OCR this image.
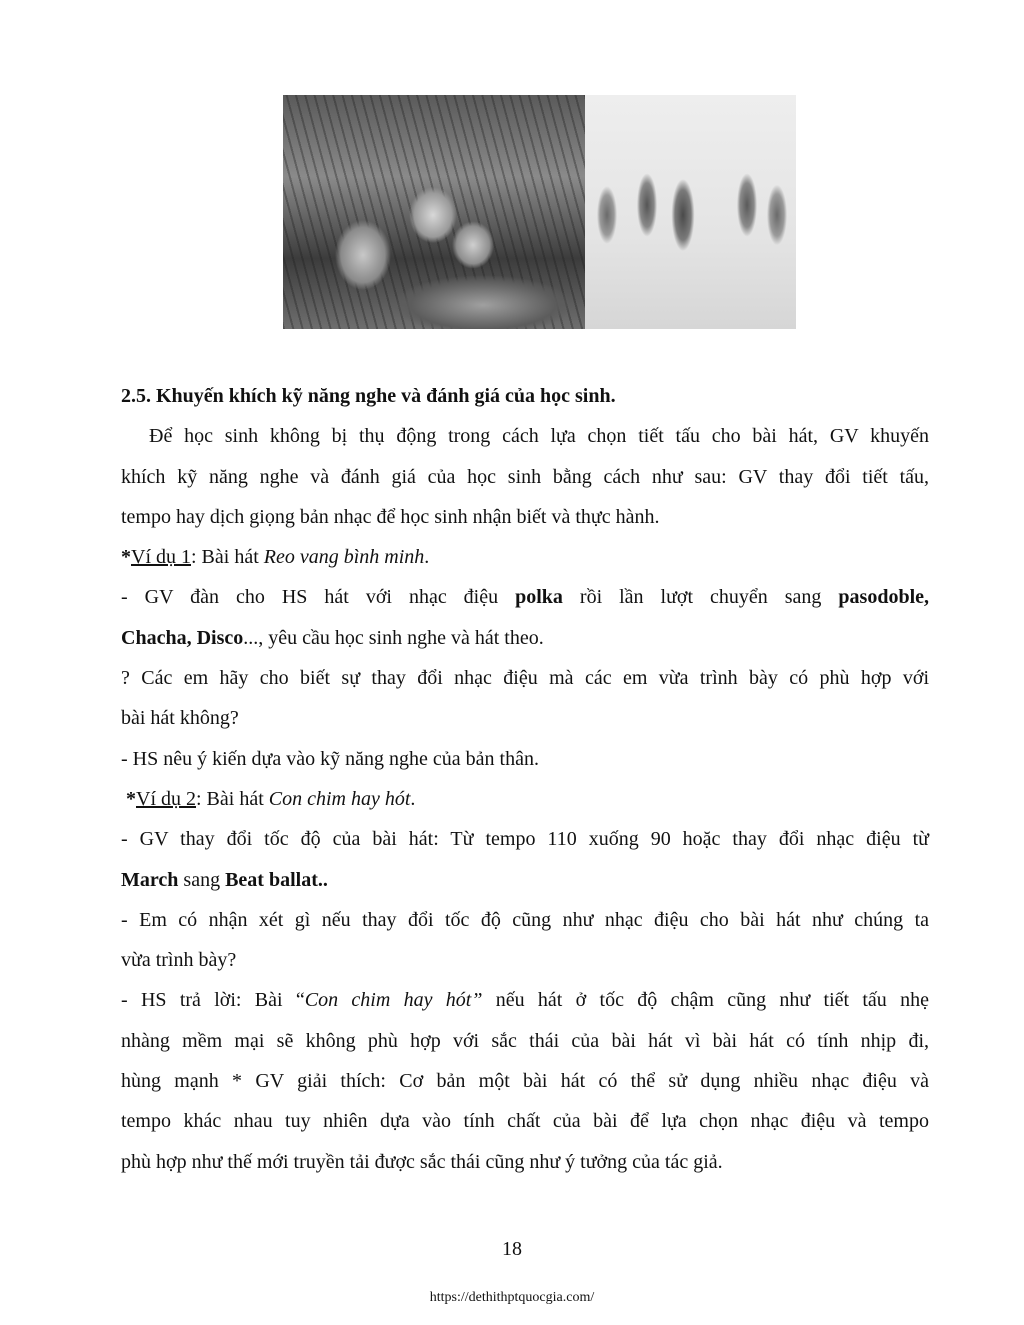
2.5. Khuyến khích kỹ năng nghe và đánh giá của học sinh.

Để học sinh không bị thụ động trong cách lựa chọn tiết tấu cho bài hát, GV khuyến

khích kỹ năng nghe và đánh giá của học sinh bằng cách như sau: GV thay đổi tiết tấu,

tempo hay dịch giọng bản nhạc để học sinh nhận biết và thực hành.

*Ví dụ 1: Bài hát Reo vang bình minh.

- GV đàn cho HS hát với nhạc điệu polka rồi lần lượt chuyển sang pasodoble,

Chacha, Disco..., yêu cầu học sinh nghe và hát theo.

? Các em hãy cho biết sự thay đổi nhạc điệu mà các em vừa trình bày có phù hợp với

bài hát không?

- HS nêu ý kiến dựa vào kỹ năng nghe của bản thân.

*Ví dụ 2: Bài hát Con chim hay hót.

- GV thay đổi tốc độ của bài hát: Từ tempo 110 xuống 90 hoặc thay đổi nhạc điệu từ

March sang Beat ballat..

- Em có nhận xét gì nếu thay đổi tốc độ cũng như nhạc điệu cho bài hát như chúng ta

vừa trình bày?

- HS trả lời: Bài “Con chim hay hót” nếu hát ở tốc độ chậm cũng như tiết tấu nhẹ

nhàng mềm mại sẽ không phù hợp với sắc thái của bài hát vì bài hát có tính nhịp đi,

hùng mạnh * GV giải thích: Cơ bản một bài hát có thể sử dụng nhiều nhạc điệu và

tempo khác nhau tuy nhiên dựa vào tính chất của bài để lựa chọn nhạc điệu và tempo

phù hợp như thế mới truyền tải được sắc thái cũng như ý tưởng của tác giả.

18
https://dethithptquocgia.com/
